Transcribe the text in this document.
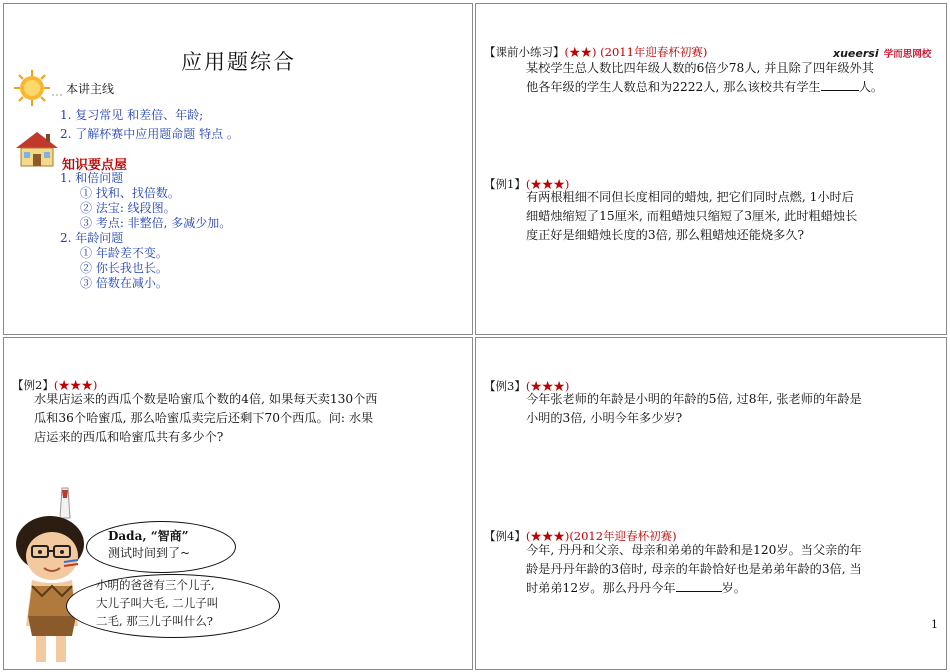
应用题综合
本讲主线
1. 复习常见 和差倍、年龄;
2. 了解杯赛中应用题命题 特点 。
知识要点屋
1. 和倍问题
① 找和、找倍数。
② 法宝: 线段图。
③ 考点: 非整倍, 多减少加。
2. 年龄问题
① 年龄差不变。
② 你长我也长。
③ 倍数在减小。
xueersi 学而思网校
【课前小练习】(★★) (2011年迎春杯初赛)
某校学生总人数比四年级人数的6倍少78人, 并且除了四年级外其
他各年级的学生人数总和为2222人, 那么该校共有学生	人。
【例1】(★★★)
有两根粗细不同但长度相同的蜡烛, 把它们同时点燃, 1小时后
细蜡烛缩短了15厘米, 而粗蜡烛只缩短了3厘米, 此时粗蜡烛长
度正好是细蜡烛长度的3倍, 那么粗蜡烛还能烧多久?
【例2】(★★★)
水果店运来的西瓜个数是哈蜜瓜个数的4倍, 如果每天卖130个西
瓜和36个哈蜜瓜, 那么哈蜜瓜卖完后还剩下70个西瓜。问: 水果
店运来的西瓜和哈蜜瓜共有多少个?
Dada, “智商”
测试时间到了~
小明的爸爸有三个儿子,
大儿子叫大毛, 二儿子叫
二毛, 那三儿子叫什么?
【例3】(★★★)
今年张老师的年龄是小明的年龄的5倍, 过8年, 张老师的年龄是
小明的3倍, 小明今年多少岁?
【例4】(★★★)(2012年迎春杯初赛)
今年, 丹丹和父亲、母亲和弟弟的年龄和是120岁。当父亲的年
龄是丹丹年龄的3倍时, 母亲的年龄恰好也是弟弟年龄的3倍, 当
时弟弟12岁。那么丹丹今年	岁。
1
